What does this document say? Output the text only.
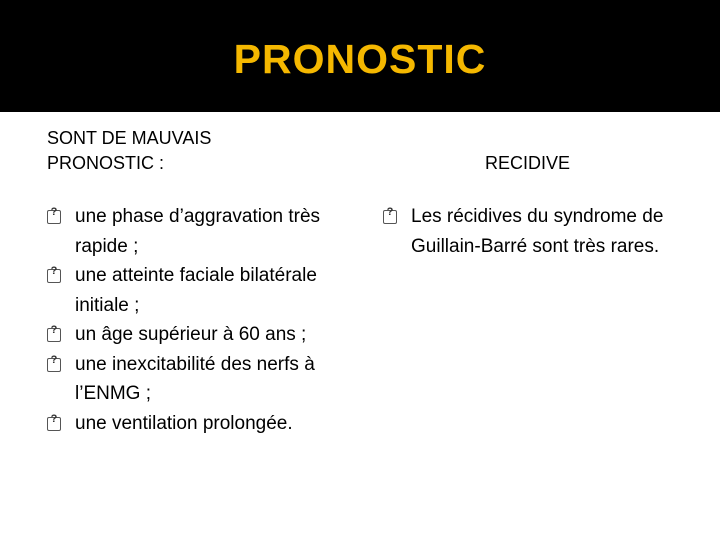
PRONOSTIC
SONT DE MAUVAIS
PRONOSTIC :	RECIDIVE
?
une phase d’aggravation très rapide ;
?
une atteinte faciale bilatérale initiale ;
?
un âge supérieur à 60 ans ;
?
une inexcitabilité des nerfs à l’ENMG ;
?
une ventilation prolongée.
?
Les récidives du syndrome de Guillain-Barré sont très rares.
